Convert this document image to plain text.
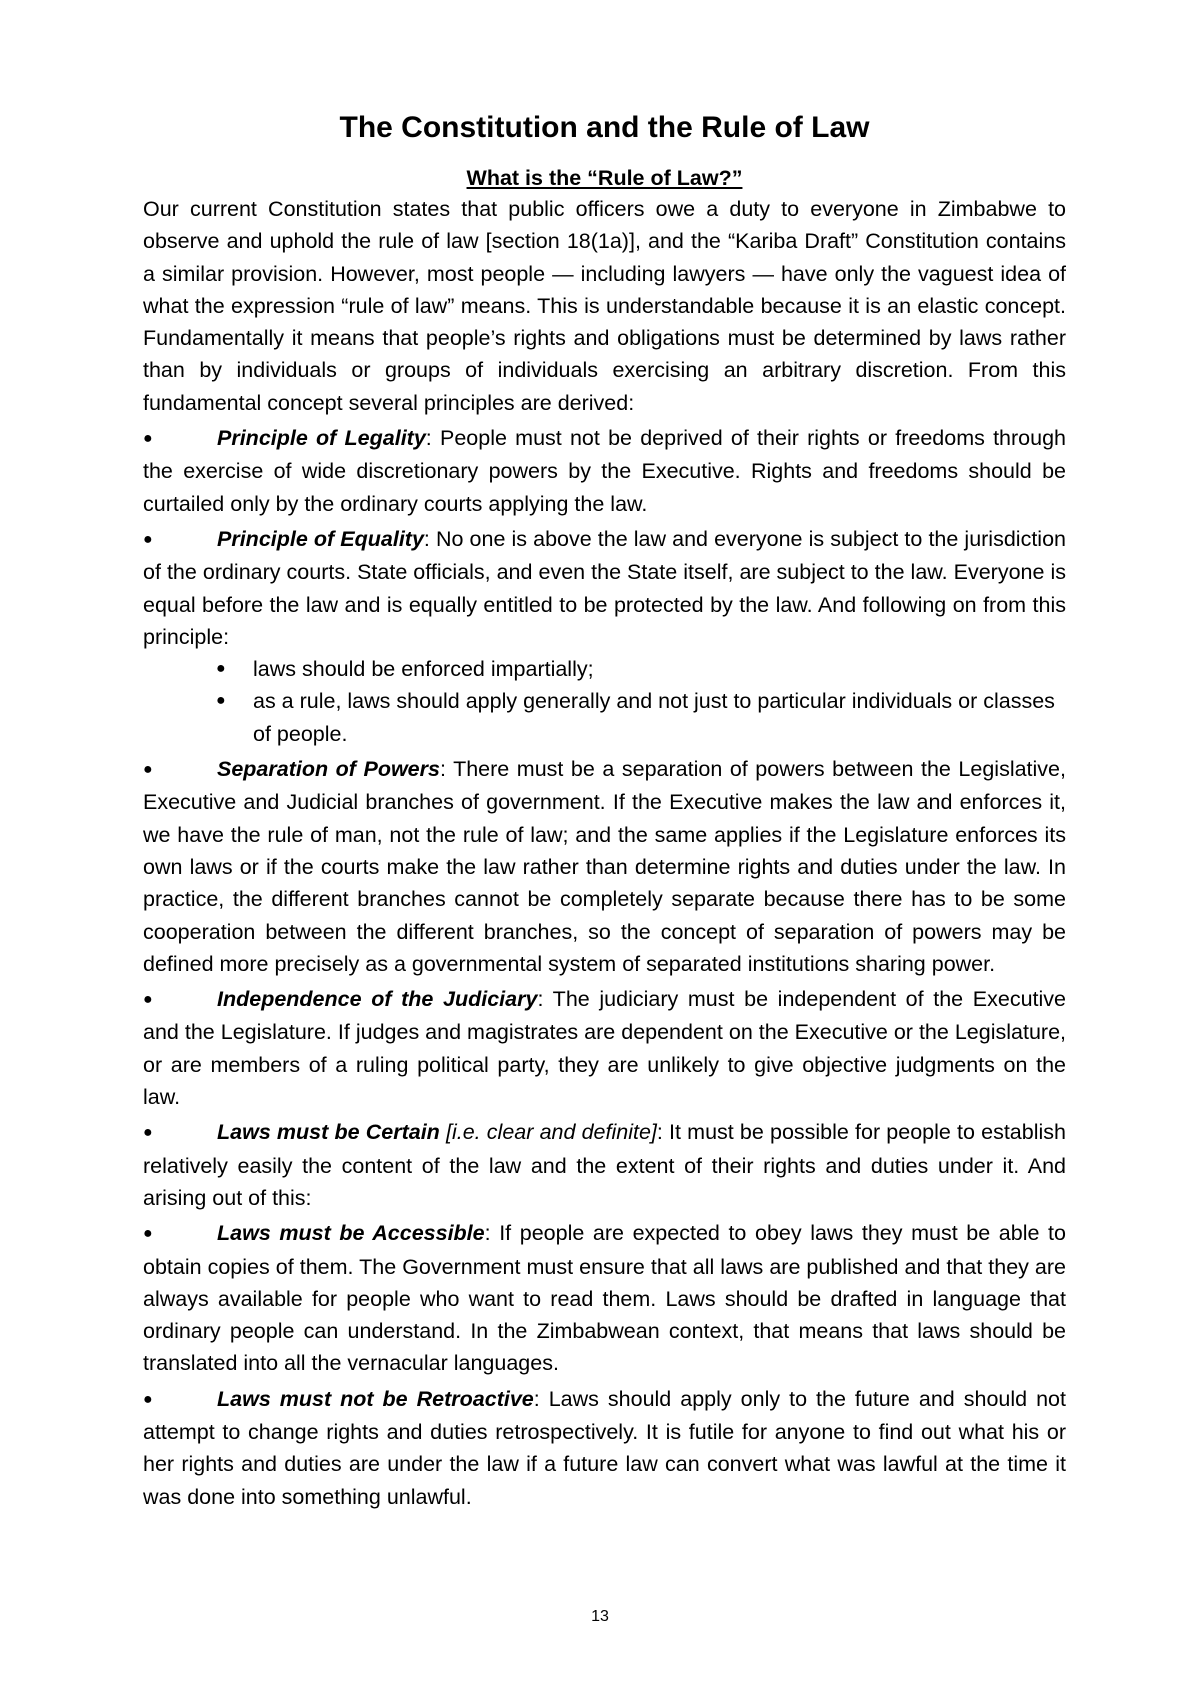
The Constitution and the Rule of Law
What is the “Rule of Law?”

Our current Constitution states that public officers owe a duty to everyone in Zimbabwe to observe and uphold the rule of law [section 18(1a)], and the “Kariba Draft” Constitution contains a similar provision. However, most people — including lawyers — have only the vaguest idea of what the expression “rule of law” means. This is understandable because it is an elastic concept. Fundamentally it means that people’s rights and obligations must be determined by laws rather than by individuals or groups of individuals exercising an arbitrary discretion. From this fundamental concept several principles are derived:

●	Principle of Legality: People must not be deprived of their rights or freedoms through the exercise of wide discretionary powers by the Executive. Rights and freedoms should be curtailed only by the ordinary courts applying the law.

●	Principle of Equality: No one is above the law and everyone is subject to the jurisdiction of the ordinary courts. State officials, and even the State itself, are subject to the law. Everyone is equal before the law and is equally entitled to be protected by the law. And following on from this principle:

● laws should be enforced impartially;
● as a rule, laws should apply generally and not just to particular individuals or classes of people.

●	Separation of Powers: There must be a separation of powers between the Legislative, Executive and Judicial branches of government. If the Executive makes the law and enforces it, we have the rule of man, not the rule of law; and the same applies if the Legislature enforces its own laws or if the courts make the law rather than determine rights and duties under the law. In practice, the different branches cannot be completely separate because there has to be some cooperation between the different branches, so the concept of separation of powers may be defined more precisely as a governmental system of separated institutions sharing power.

●	Independence of the Judiciary: The judiciary must be independent of the Executive and the Legislature. If judges and magistrates are dependent on the Executive or the Legislature, or are members of a ruling political party, they are unlikely to give objective judgments on the law.

●	Laws must be Certain [i.e. clear and definite]: It must be possible for people to establish relatively easily the content of the law and the extent of their rights and duties under it. And arising out of this:

●	Laws must be Accessible: If people are expected to obey laws they must be able to obtain copies of them. The Government must ensure that all laws are published and that they are always available for people who want to read them. Laws should be drafted in language that ordinary people can understand. In the Zimbabwean context, that means that laws should be translated into all the vernacular languages.

●	Laws must not be Retroactive: Laws should apply only to the future and should not attempt to change rights and duties retrospectively. It is futile for anyone to find out what his or her rights and duties are under the law if a future law can convert what was lawful at the time it was done into something unlawful.

13
